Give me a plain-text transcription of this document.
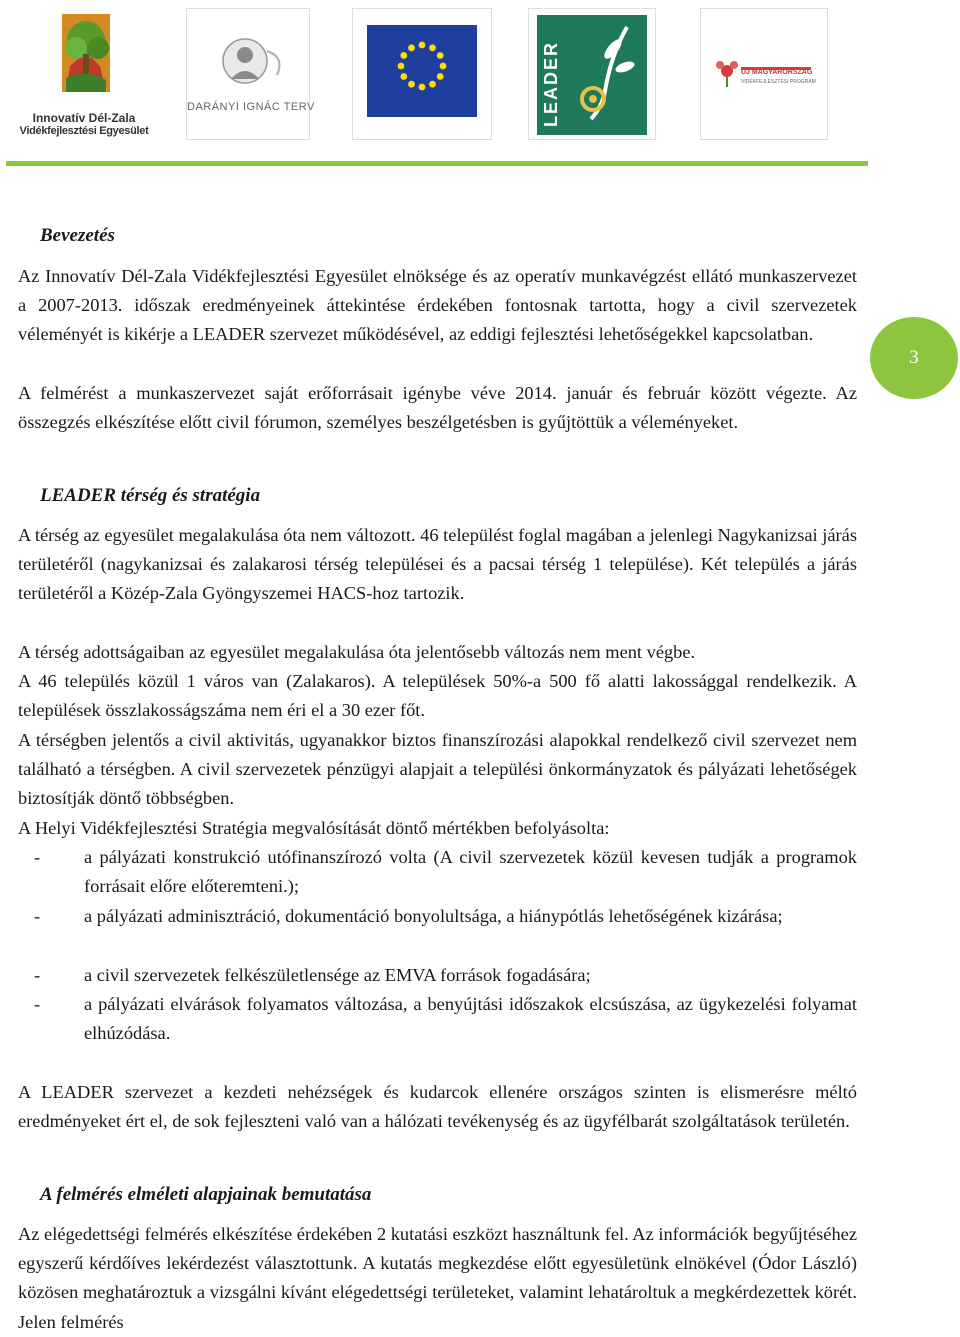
Innovatív Dél-Zala
Vidékfejlesztési Egyesület
DARÁNYI IGNÁC TERV	LEADER	ÚJ MAGYARORSZÁG
VIDÉKFEJLESZTÉSI PROGRAM
3
Bevezetés

Az Innovatív Dél-Zala Vidékfejlesztési Egyesület elnöksége és az operatív munkavégzést ellátó munkaszervezet a 2007-2013. időszak eredményeinek áttekintése érdekében fontosnak tartotta, hogy a civil szervezetek véleményét is kikérje a LEADER szervezet működésével, az eddigi fejlesztési lehetőségekkel kapcsolatban.

A felmérést a munkaszervezet saját erőforrásait igénybe véve 2014. január és február között végezte. Az összegzés elkészítése előtt civil fórumon, személyes beszélgetésben is gyűjtöttük a véleményeket.

LEADER térség és stratégia

A térség az egyesület megalakulása óta nem változott. 46 települést foglal magában a jelenlegi Nagykanizsai járás területéről (nagykanizsai és zalakarosi térség települései és a pacsai térség 1 települése). Két település a járás területéről a Közép-Zala Gyöngyszemei HACS-hoz tartozik.

A térség adottságaiban az egyesület megalakulása óta jelentősebb változás nem ment végbe.

A 46 település közül 1 város van (Zalakaros). A települések 50%-a 500 fő alatti lakossággal rendelkezik. A települések összlakosságszáma nem éri el a 30 ezer főt.

A térségben jelentős a civil aktivitás, ugyanakkor biztos finanszírozási alapokkal rendelkező civil szervezet nem található a térségben. A civil szervezetek pénzügyi alapjait a települési önkormányzatok és pályázati lehetőségek biztosítják döntő többségben.

A Helyi Vidékfejlesztési Stratégia megvalósítását döntő mértékben befolyásolta:

- a pályázati konstrukció utófinanszírozó volta (A civil szervezetek közül kevesen tudják a programok forrásait előre előteremteni.);
- a pályázati adminisztráció, dokumentáció bonyolultsága, a hiánypótlás lehetőségének kizárása;
- a civil szervezetek felkészületlensége az EMVA források fogadására;
- a pályázati elvárások folyamatos változása, a benyújtási időszakok elcsúszása, az ügykezelési folyamat elhúzódása.

A LEADER szervezet a kezdeti nehézségek és kudarcok ellenére országos szinten is elismerésre méltó eredményeket ért el, de sok fejleszteni való van a hálózati tevékenység és az ügyfélbarát szolgáltatások területén.

A felmérés elméleti alapjainak bemutatása

Az elégedettségi felmérés elkészítése érdekében 2 kutatási eszközt használtunk fel. Az információk begyűjtéséhez egyszerű kérdőíves lekérdezést választottunk. A kutatás megkezdése előtt egyesületünk elnökével (Ódor László) közösen meghatároztuk a vizsgálni kívánt elégedettségi területeket, valamint lehatároltuk a megkérdezettek körét. Jelen felmérés
